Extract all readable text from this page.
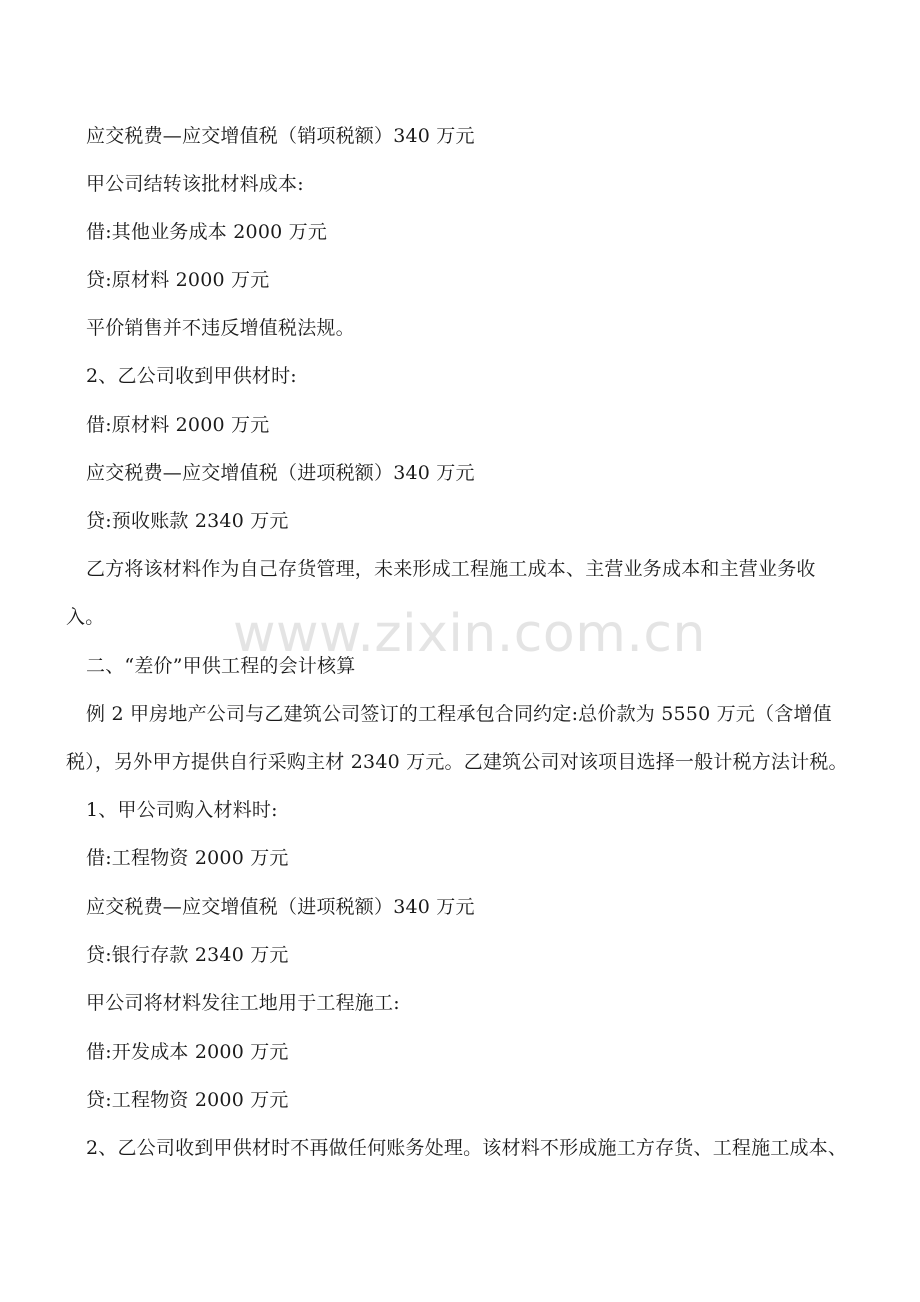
www.zixin.com.cn
应交税费—应交增值税（销项税额）340 万元
甲公司结转该批材料成本:
借:其他业务成本 2000 万元
贷:原材料 2000 万元
平价销售并不违反增值税法规。
2、乙公司收到甲供材时:
借:原材料 2000 万元
应交税费—应交增值税（进项税额）340 万元
贷:预收账款 2340 万元
乙方将该材料作为自己存货管理，未来形成工程施工成本、主营业务成本和主营业务收
入。
二、“差价”甲供工程的会计核算
例 2 甲房地产公司与乙建筑公司签订的工程承包合同约定:总价款为 5550 万元（含增值
税），另外甲方提供自行采购主材 2340 万元。乙建筑公司对该项目选择一般计税方法计税。
1、甲公司购入材料时:
借:工程物资 2000 万元
应交税费—应交增值税（进项税额）340 万元
贷:银行存款 2340 万元
甲公司将材料发往工地用于工程施工:
借:开发成本 2000 万元
贷:工程物资 2000 万元
2、乙公司收到甲供材时不再做任何账务处理。该材料不形成施工方存货、工程施工成本、
